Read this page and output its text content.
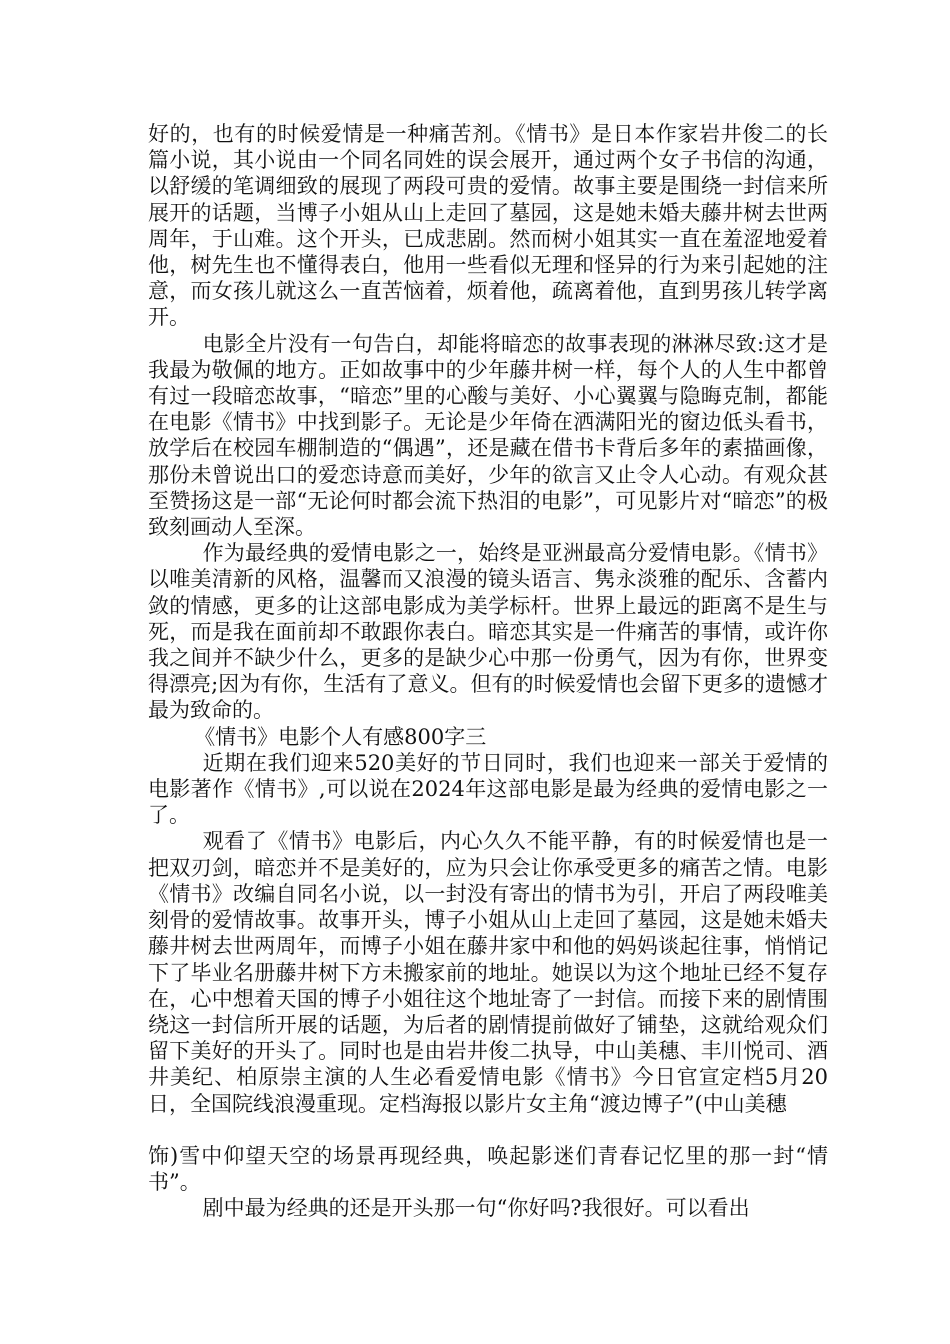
好的，也有的时候爱情是一种痛苦剂。《情书》是日本作家岩井俊二的长篇小说，其小说由一个同名同姓的误会展开，通过两个女子书信的沟通，以舒缓的笔调细致的展现了两段可贵的爱情。故事主要是围绕一封信来所展开的话题，当博子小姐从山上走回了墓园，这是她未婚夫藤井树去世两周年，于山难。这个开头，已成悲剧。然而树小姐其实一直在羞涩地爱着他，树先生也不懂得表白，他用一些看似无理和怪异的行为来引起她的注意，而女孩儿就这么一直苦恼着，烦着他，疏离着他，直到男孩儿转学离开。

电影全片没有一句告白，却能将暗恋的故事表现的淋淋尽致:这才是我最为敬佩的地方。正如故事中的少年藤井树一样，每个人的人生中都曾有过一段暗恋故事，“暗恋”里的心酸与美好、小心翼翼与隐晦克制，都能在电影《情书》中找到影子。无论是少年倚在洒满阳光的窗边低头看书，放学后在校园车棚制造的“偶遇”，还是藏在借书卡背后多年的素描画像，那份未曾说出口的爱恋诗意而美好，少年的欲言又止令人心动。有观众甚至赞扬这是一部“无论何时都会流下热泪的电影”，可见影片对“暗恋”的极致刻画动人至深。

作为最经典的爱情电影之一，始终是亚洲最高分爱情电影。《情书》以唯美清新的风格，温馨而又浪漫的镜头语言、隽永淡雅的配乐、含蓄内敛的情感，更多的让这部电影成为美学标杆。世界上最远的距离不是生与死，而是我在面前却不敢跟你表白。暗恋其实是一件痛苦的事情，或许你我之间并不缺少什么，更多的是缺少心中那一份勇气，因为有你，世界变得漂亮;因为有你，生活有了意义。但有的时候爱情也会留下更多的遗憾才最为致命的。

《情书》电影个人有感800字三

近期在我们迎来520美好的节日同时，我们也迎来一部关于爱情的电影著作《情书》,可以说在2024年这部电影是最为经典的爱情电影之一了。

观看了《情书》电影后，内心久久不能平静，有的时候爱情也是一把双刃剑，暗恋并不是美好的，应为只会让你承受更多的痛苦之情。电影《情书》改编自同名小说，以一封没有寄出的情书为引，开启了两段唯美刻骨的爱情故事。故事开头，博子小姐从山上走回了墓园，这是她未婚夫藤井树去世两周年，而博子小姐在藤井家中和他的妈妈谈起往事，悄悄记下了毕业名册藤井树下方未搬家前的地址。她误以为这个地址已经不复存在，心中想着天国的博子小姐往这个地址寄了一封信。而接下来的剧情围绕这一封信所开展的话题，为后者的剧情提前做好了铺垫，这就给观众们留下美好的开头了。同时也是由岩井俊二执导，中山美穗、丰川悦司、酒井美纪、柏原崇主演的人生必看爱情电影《情书》今日官宣定档5月20日，全国院线浪漫重现。定档海报以影片女主角“渡边博子”(中山美穗

饰)雪中仰望天空的场景再现经典，唤起影迷们青春记忆里的那一封“情书”。

剧中最为经典的还是开头那一句“你好吗?我很好。可以看出
